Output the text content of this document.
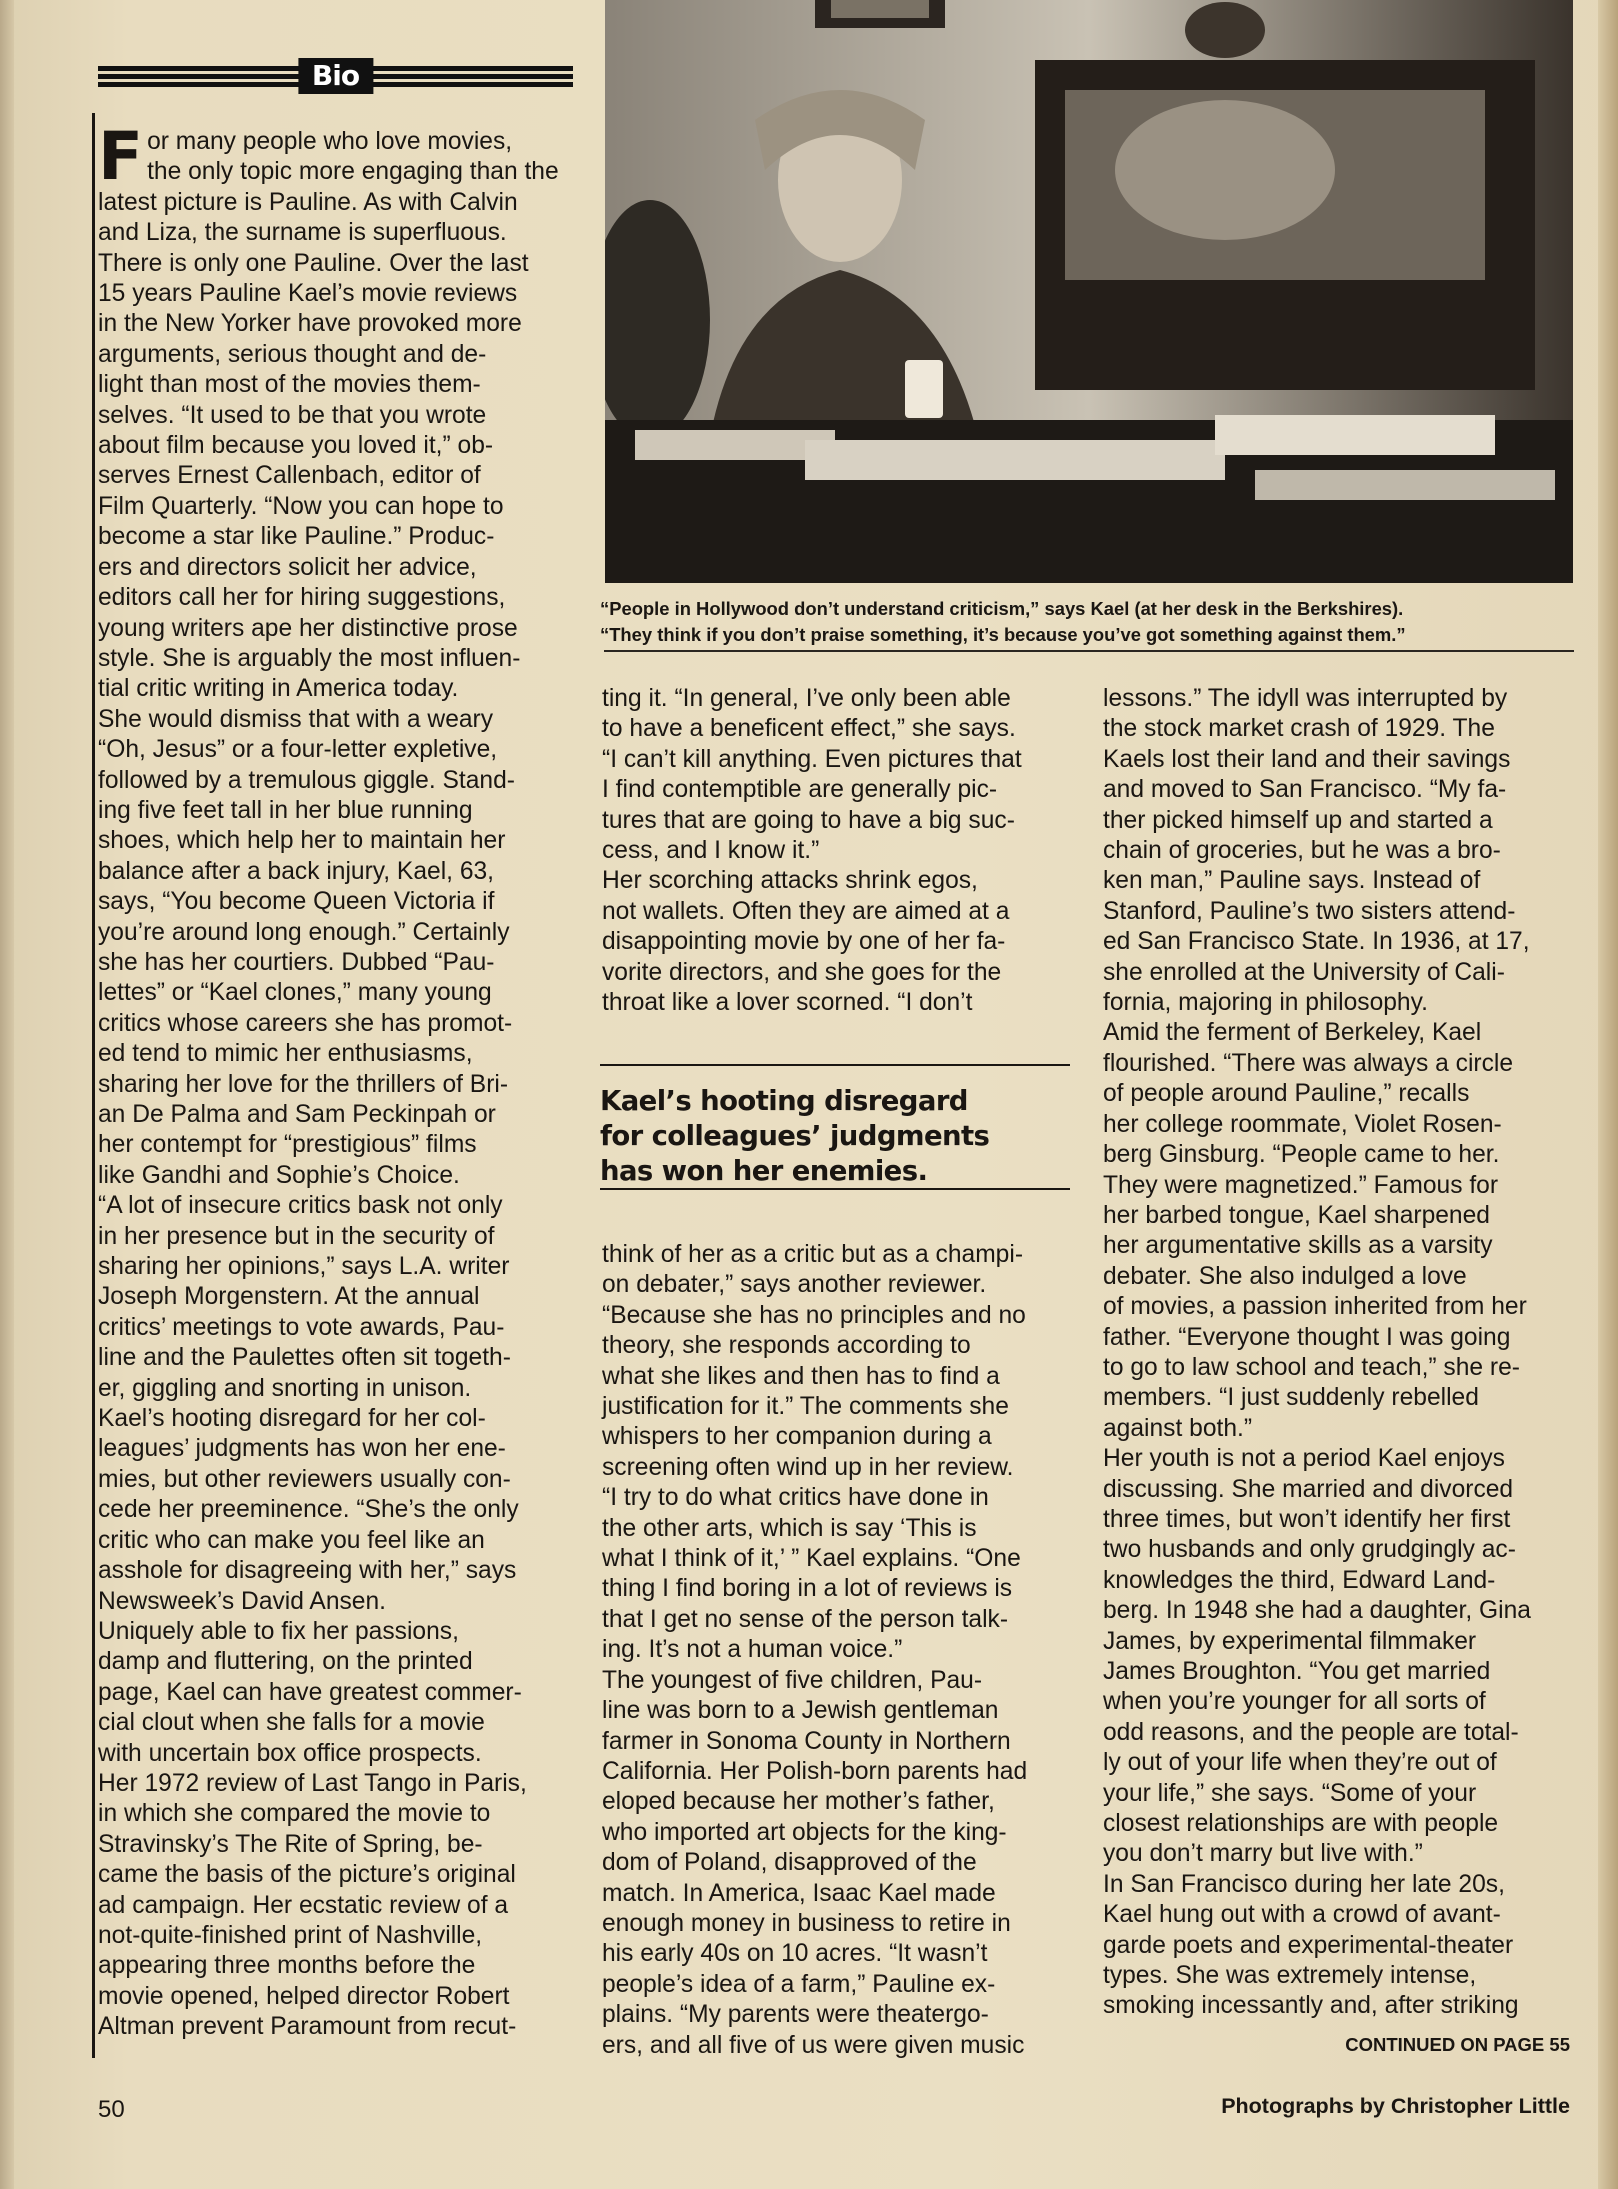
Bio
“People in Hollywood don’t understand criticism,” says Kael (at her desk in the Berkshires).
“They think if you don’t praise something, it’s because you’ve got something against them.”
For many people who love movies,
the only topic more engaging than the
latest picture is Pauline. As with Calvin
and Liza, the surname is superfluous.
There is only one Pauline. Over the last
15 years Pauline Kael’s movie reviews
in the New Yorker have provoked more
arguments, serious thought and de-
light than most of the movies them-
selves. “It used to be that you wrote
about film because you loved it,” ob-
serves Ernest Callenbach, editor of
Film Quarterly. “Now you can hope to
become a star like Pauline.” Produc-
ers and directors solicit her advice,
editors call her for hiring suggestions,
young writers ape her distinctive prose
style. She is arguably the most influen-
tial critic writing in America today.
She would dismiss that with a weary
“Oh, Jesus” or a four-letter expletive,
followed by a tremulous giggle. Stand-
ing five feet tall in her blue running
shoes, which help her to maintain her
balance after a back injury, Kael, 63,
says, “You become Queen Victoria if
you’re around long enough.” Certainly
she has her courtiers. Dubbed “Pau-
lettes” or “Kael clones,” many young
critics whose careers she has promot-
ed tend to mimic her enthusiasms,
sharing her love for the thrillers of Bri-
an De Palma and Sam Peckinpah or
her contempt for “prestigious” films
like Gandhi and Sophie’s Choice.
“A lot of insecure critics bask not only
in her presence but in the security of
sharing her opinions,” says L.A. writer
Joseph Morgenstern. At the annual
critics’ meetings to vote awards, Pau-
line and the Paulettes often sit togeth-
er, giggling and snorting in unison.
Kael’s hooting disregard for her col-
leagues’ judgments has won her ene-
mies, but other reviewers usually con-
cede her preeminence. “She’s the only
critic who can make you feel like an
asshole for disagreeing with her,” says
Newsweek’s David Ansen.
Uniquely able to fix her passions,
damp and fluttering, on the printed
page, Kael can have greatest commer-
cial clout when she falls for a movie
with uncertain box office prospects.
Her 1972 review of Last Tango in Paris,
in which she compared the movie to
Stravinsky’s The Rite of Spring, be-
came the basis of the picture’s original
ad campaign. Her ecstatic review of a
not-quite-finished print of Nashville,
appearing three months before the
movie opened, helped director Robert
Altman prevent Paramount from recut-
ting it. “In general, I’ve only been able
to have a beneficent effect,” she says.
“I can’t kill anything. Even pictures that
I find contemptible are generally pic-
tures that are going to have a big suc-
cess, and I know it.”
Her scorching attacks shrink egos,
not wallets. Often they are aimed at a
disappointing movie by one of her fa-
vorite directors, and she goes for the
throat like a lover scorned. “I don’t
Kael’s hooting disregard
for colleagues’ judgments
has won her enemies.
think of her as a critic but as a champi-
on debater,” says another reviewer.
“Because she has no principles and no
theory, she responds according to
what she likes and then has to find a
justification for it.” The comments she
whispers to her companion during a
screening often wind up in her review.
“I try to do what critics have done in
the other arts, which is say ‘This is
what I think of it,’ ” Kael explains. “One
thing I find boring in a lot of reviews is
that I get no sense of the person talk-
ing. It’s not a human voice.”
The youngest of five children, Pau-
line was born to a Jewish gentleman
farmer in Sonoma County in Northern
California. Her Polish-born parents had
eloped because her mother’s father,
who imported art objects for the king-
dom of Poland, disapproved of the
match. In America, Isaac Kael made
enough money in business to retire in
his early 40s on 10 acres. “It wasn’t
people’s idea of a farm,” Pauline ex-
plains. “My parents were theatergo-
ers, and all five of us were given music
lessons.” The idyll was interrupted by
the stock market crash of 1929. The
Kaels lost their land and their savings
and moved to San Francisco. “My fa-
ther picked himself up and started a
chain of groceries, but he was a bro-
ken man,” Pauline says. Instead of
Stanford, Pauline’s two sisters attend-
ed San Francisco State. In 1936, at 17,
she enrolled at the University of Cali-
fornia, majoring in philosophy.
Amid the ferment of Berkeley, Kael
flourished. “There was always a circle
of people around Pauline,” recalls
her college roommate, Violet Rosen-
berg Ginsburg. “People came to her.
They were magnetized.” Famous for
her barbed tongue, Kael sharpened
her argumentative skills as a varsity
debater. She also indulged a love
of movies, a passion inherited from her
father. “Everyone thought I was going
to go to law school and teach,” she re-
members. “I just suddenly rebelled
against both.”
Her youth is not a period Kael enjoys
discussing. She married and divorced
three times, but won’t identify her first
two husbands and only grudgingly ac-
knowledges the third, Edward Land-
berg. In 1948 she had a daughter, Gina
James, by experimental filmmaker
James Broughton. “You get married
when you’re younger for all sorts of
odd reasons, and the people are total-
ly out of your life when they’re out of
your life,” she says. “Some of your
closest relationships are with people
you don’t marry but live with.”
In San Francisco during her late 20s,
Kael hung out with a crowd of avant-
garde poets and experimental-theater
types. She was extremely intense,
smoking incessantly and, after striking
CONTINUED ON PAGE 55
50	Photographs by Christopher Little
